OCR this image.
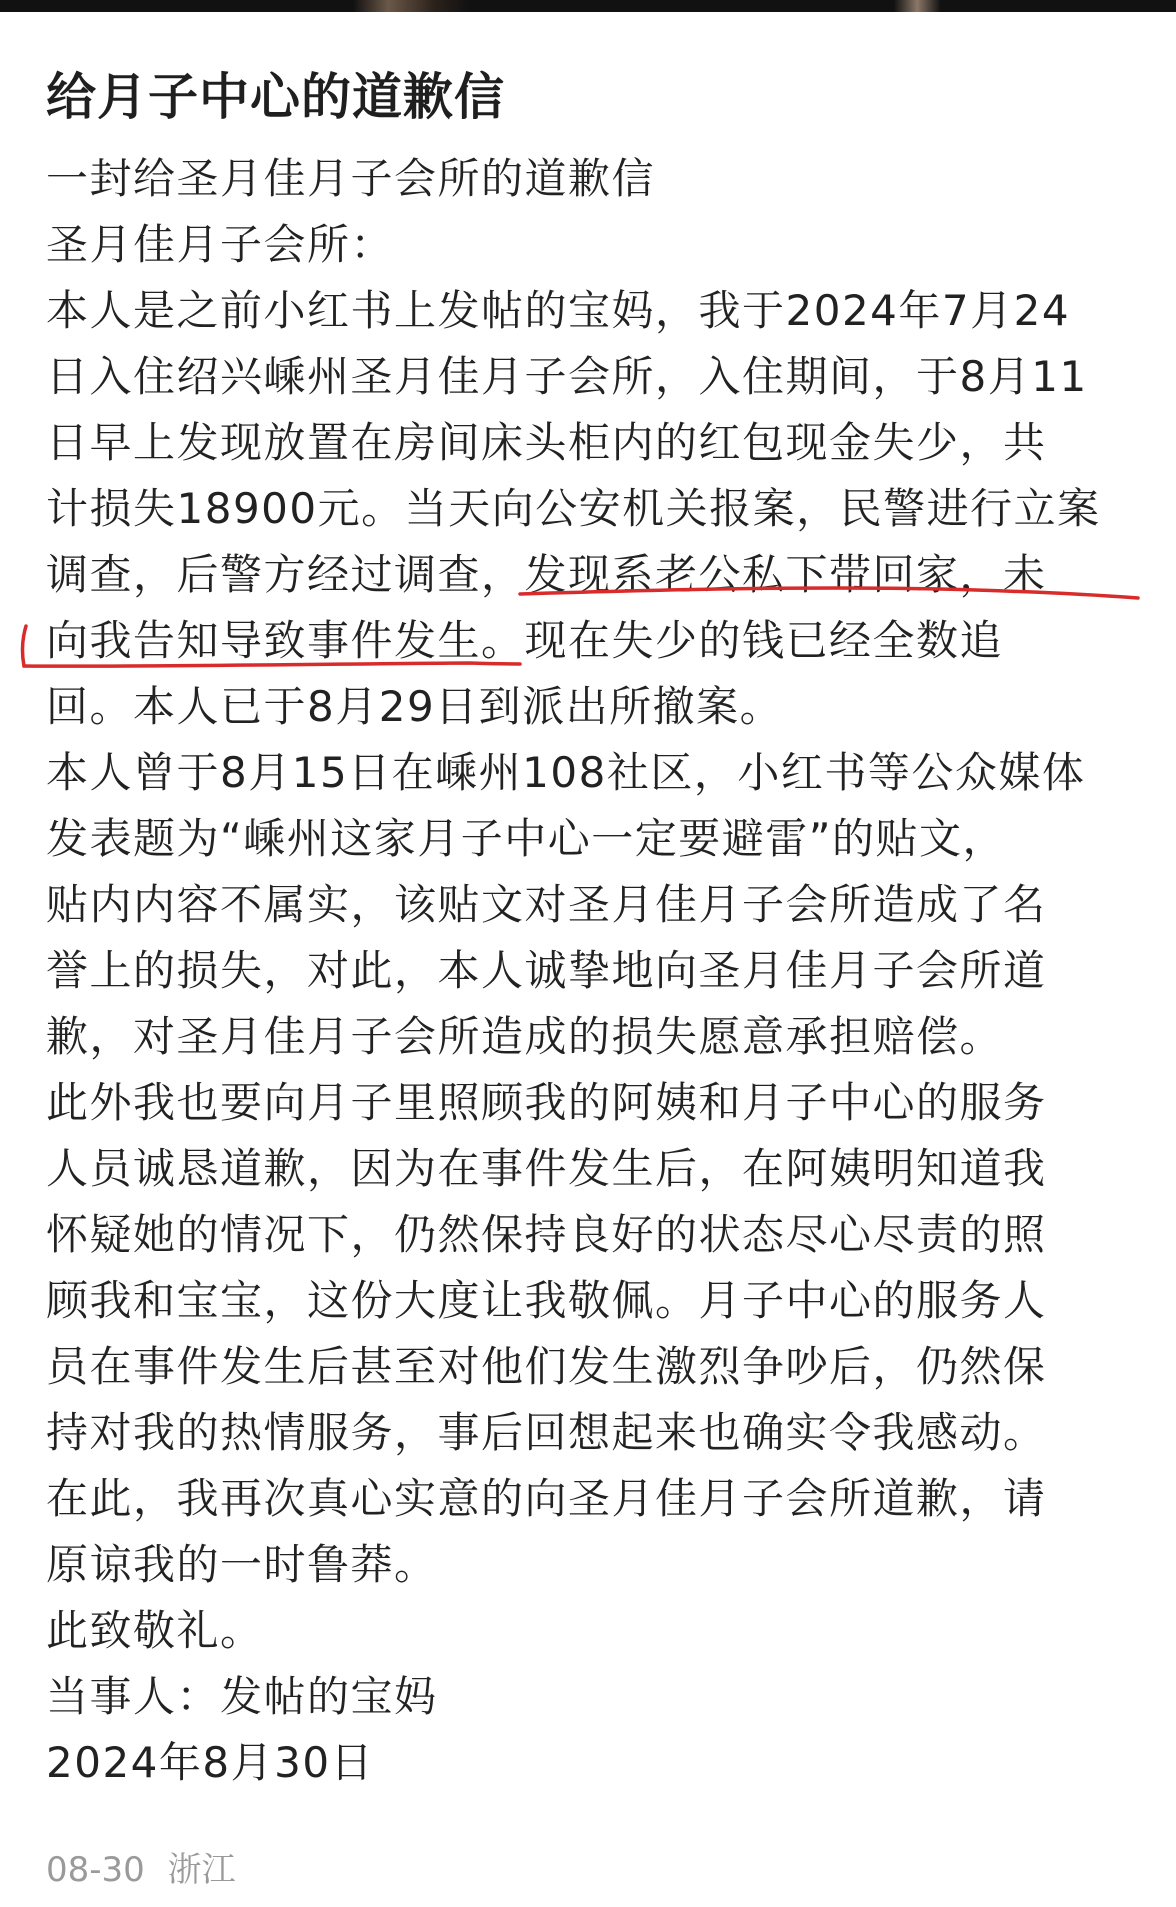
给月子中心的道歉信
一封给圣月佳月子会所的道歉信
圣月佳月子会所：
本人是之前小红书上发帖的宝妈，我于2024年7月24
日入住绍兴嵊州圣月佳月子会所，入住期间，于8月11
日早上发现放置在房间床头柜内的红包现金失少，共
计损失18900元。当天向公安机关报案，民警进行立案
调查，后警方经过调查，发现系老公私下带回家，未
向我告知导致事件发生。现在失少的钱已经全数追
回。本人已于8月29日到派出所撤案。
本人曾于8月15日在嵊州108社区，小红书等公众媒体
发表题为“嵊州这家月子中心一定要避雷”的贴文，
贴内内容不属实，该贴文对圣月佳月子会所造成了名
誉上的损失，对此，本人诚挚地向圣月佳月子会所道
歉，对圣月佳月子会所造成的损失愿意承担赔偿。
此外我也要向月子里照顾我的阿姨和月子中心的服务
人员诚恳道歉，因为在事件发生后，在阿姨明知道我
怀疑她的情况下，仍然保持良好的状态尽心尽责的照
顾我和宝宝，这份大度让我敬佩。月子中心的服务人
员在事件发生后甚至对他们发生激烈争吵后，仍然保
持对我的热情服务，事后回想起来也确实令我感动。
在此，我再次真心实意的向圣月佳月子会所道歉，请
原谅我的一时鲁莽。
此致敬礼。
当事人：发帖的宝妈
2024年8月30日
08-30 浙江
